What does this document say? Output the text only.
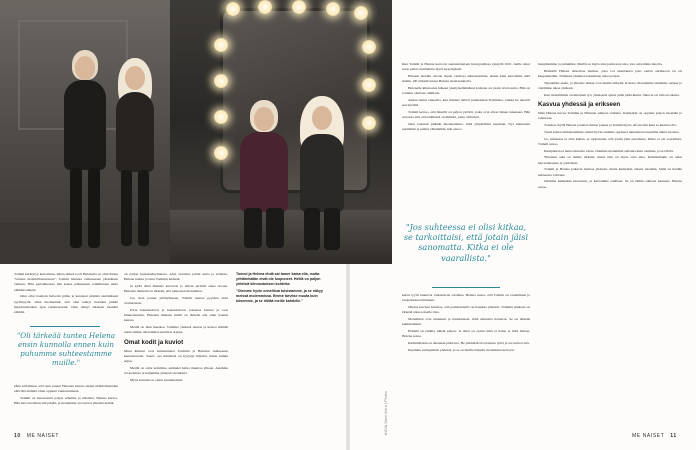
KUVA Sami Kero | Photo

Tommi kerkiytyy kertomaan, miten tärkeä rooli Helenalla on ollut hänen "toisena mahdollisuutenaan". Tommi muistaa vaiheessaan yksinäisen vaiheen. Hän parisuhteessa hän kokee päässeensä tommintaan uutta elämänvaihetta.

Olen ollut itselleni helvetin julma ja kantanut pitkään sieränäiseni syyllisyyttä. Olen huomannut, että olen tehnyt itsestäni pitkän harjoitusmatkan ajan rakentaessani, Olen tehnyt aikuisen itsenäni elämää.

"Oli tärkeää tuntea Helena ensin kunnolla ennen kuin puhumme suhteestamme muille."

Olen kiitollinen, että olen saanut Helenan kanssa uuden mahdollisuuden elää tätä elämää. Olen oppinut rauhoittumaan.

Tommi on harrastanut paljon urheilua ja ulkoilua, Helena kertoo. Hän harvoin ilman sitä pärjää, ja molemmat arvostavat yhteisiä hetkiä.

on paljon keskusteluyhteisaa. Aina avaustus johtui uutta ja erilaista. Helena tuntuu jo tuttu Tommin kädestä.

Ja kyllä siinä mukana kasvavat jo silloin piristää omaa oloaan. Helenan mielestä on tärkeää, että tunnetaan molemmat.

Jos, ihan joutuu yllättyäkseen, Tommi nauraa pyytäen tästä avainasiasta.

Paria kaunistelevat ja kaunistelevat toistensa kanssa ja ovat kiinnostuneita. Helenan mukaan heillä on tärkeää olla sinut itsensä kanssa.

Meillä on ihan hauskaa. Voimme yhdessä nauraa ja katsoa elämää uusin silmin. Molemmat nauttivat arjesta.

Omat kodit ja kuviot

Muut ihmiset ovat suhtautuneet Tommin ja Helenan suhteeseen kannustavasti. Saarto osa ihmisistä on kysynyt häneltä, miten kaikki sujuu.

Meillä on omat kotimme, emmekä halua muuttaa yhteen. Asumme eri kodeissa ja kuljemme yhdessä vierailulla.

Myös kotisiin on otettu suunnitelmia.

Tommi ja Helena ehdä sai tamer katsa ella, mutta yrittämistään eivät ole luopuneet. Heillä on paljon yhteisiä kiinnostuksen kohteita.

"Olemme hyvin onnellisia toisistamme, ja se näkyy meissä molemmissa. Emme tarvitse muuta kuin toisemme, ja se riittää meille kahdelle."

Kun Tommi ja Helena kertovat seurustelustaan Instagramissa syksyllä 2021, heille alkoi sataa paitsi onnitteluita myös kysymyksiä.

Halusin meidän olevan täysin varmoja suhteestamme, ennen kuin kerromme siitä muille. Oli tärkeää tuntea Helena ensin kunnolla.

Helenalle kiinnostus häneen yksityiselämäänsä kohtaan on jotain aivan uutta. Hän on tottunut olemaan omillaan.

Aluksi tuntui vaikealta, kun ihmiset tulivat juttelemaan Tommista, vaikka he tekevät sen hyvällä.

Tommi kertoo, että hänellä on paljon ystäviä, jotka ovat olleet hänen tukenaan. Hän arvostaa sitä, että elämässä on ihmisiä, jotka välittävät.

Olen laulanut pitkään huomaamatta, mitä ympärilläni tapahtuu. Nyt kuuntelen enemmän ja puhun vähemmän, hän sanoo.

"Jos suhteessa ei olisi kitkaa, se tarkoittaisi, että jotain jäisi sanomatta. Kitka ei ole vaarallista."

kebut tyylit tunnuvat vaikuttavan toisiinsa. Helena sanoo, että Tommi on rauhallinen ja tasapainoinen ihminen.

Ohessa kuvissa huomaa, että pariskunnalla on hauskaa yhdessä. Tommin mukaan on tärkeää antaa toiselle tilaa.

Molemmat ovat tunteneet ja tunnistaneet, mitä suhteelta haluavat. Se on tärkeää kummallekin.

Elämää on ehditty nähdä paljon. Ja siinä on opittu mitä ei halua ja mitä haluaa, Helena sanoo.

Kummallakin on takanaan pitkä ura. He ymmärtävät toistensa työtä ja arvostavat sitä.

Käymme esiintymisiä yhdessä, ja se on meille tärkeää, molemmat kertovat.

bengaliemme ja puhumme. Meillä on myös aina jokin uusi asia, jota odotamme innolla.

Brinkillä Helena tarkoittaa matkaa, joka voi suuntautua joko etelän aurinkoon tai eri kaupunkeihin. Tällainen yhteinen tekeminen antaa paljon.

Tapaamme usein, ja yhteiset hetket ovat meille tärkeitä. Kotona ollessamme laitamme ruokaa ja vietämme aikaa yhdessä.

Kun molemmilla on kiireinen työ, yhteisestä ajasta pitää pitää kiinni. Siksi se on niin arvokasta.

Kasvua yhdessä ja erikseen

Näin Helena kuvaa Tommin ja Helenan suhteen vaiheita. Kumpikin on oppinut paljon itsestään ja toisistaan.

Tottakai. Kyllä Helena potuttaa minua joskus ja Tommi myös. Aivan niin kuin se kuuluu olla.

Tässä kohtaa ihmettelemme, miten hyvin olemme oppineet tuntemaan toisemme näinä vuosina.

Jos suhteessa ei olisi kitkaa, se tarkoittaisi, että jotain jäisi sanomatta. Kitka ei ole vaarallista, Tommi sanoo.

Kumpikaan ei halua muuttaa toista. Olemme molemmat sellaisia kuin olemme, ja se riittää.

Yhteinen aika on meille tärkeää, mutta niin on myös oma aika. Kummallakin on omat harrastuksensa ja ystävänsä.

Tommi ja Helena jatkavat matkaa yhdessä, mutta kumpikin omana itsenään. Siinä on heidän suhteensa vahvuus.

Olemme kumpikin kasvaneet, ja kasvamme edelleen. Se on tämän suhteen kauneus, Helena sanoo.

10 ME NAISET	ME NAISET 11
